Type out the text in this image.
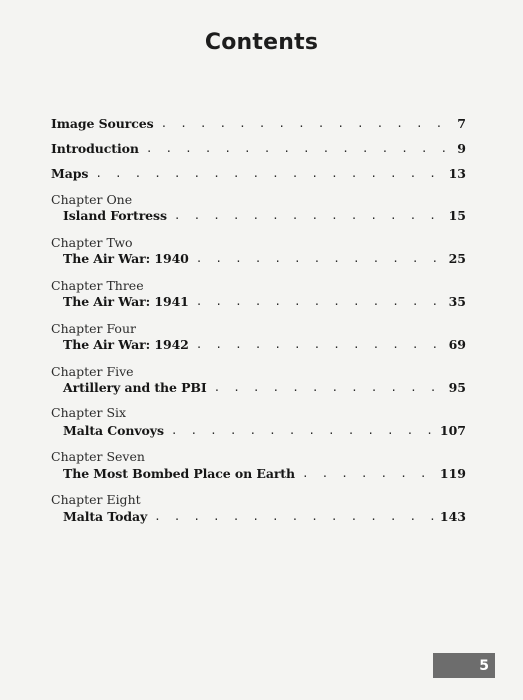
Contents
Image Sources . . .	7
Introduction . . .	9
Maps . . .	13
Chapter One
Island Fortress . . .	15
Chapter Two
The Air War: 1940 . . .	25
Chapter Three
The Air War: 1941 . . .	35
Chapter Four
The Air War: 1942 . . .	69
Chapter Five
Artillery and the PBI . . .	95
Chapter Six
Malta Convoys . . .	107
Chapter Seven
The Most Bombed Place on Earth . . .	119
Chapter Eight
Malta Today . . .	143
5
